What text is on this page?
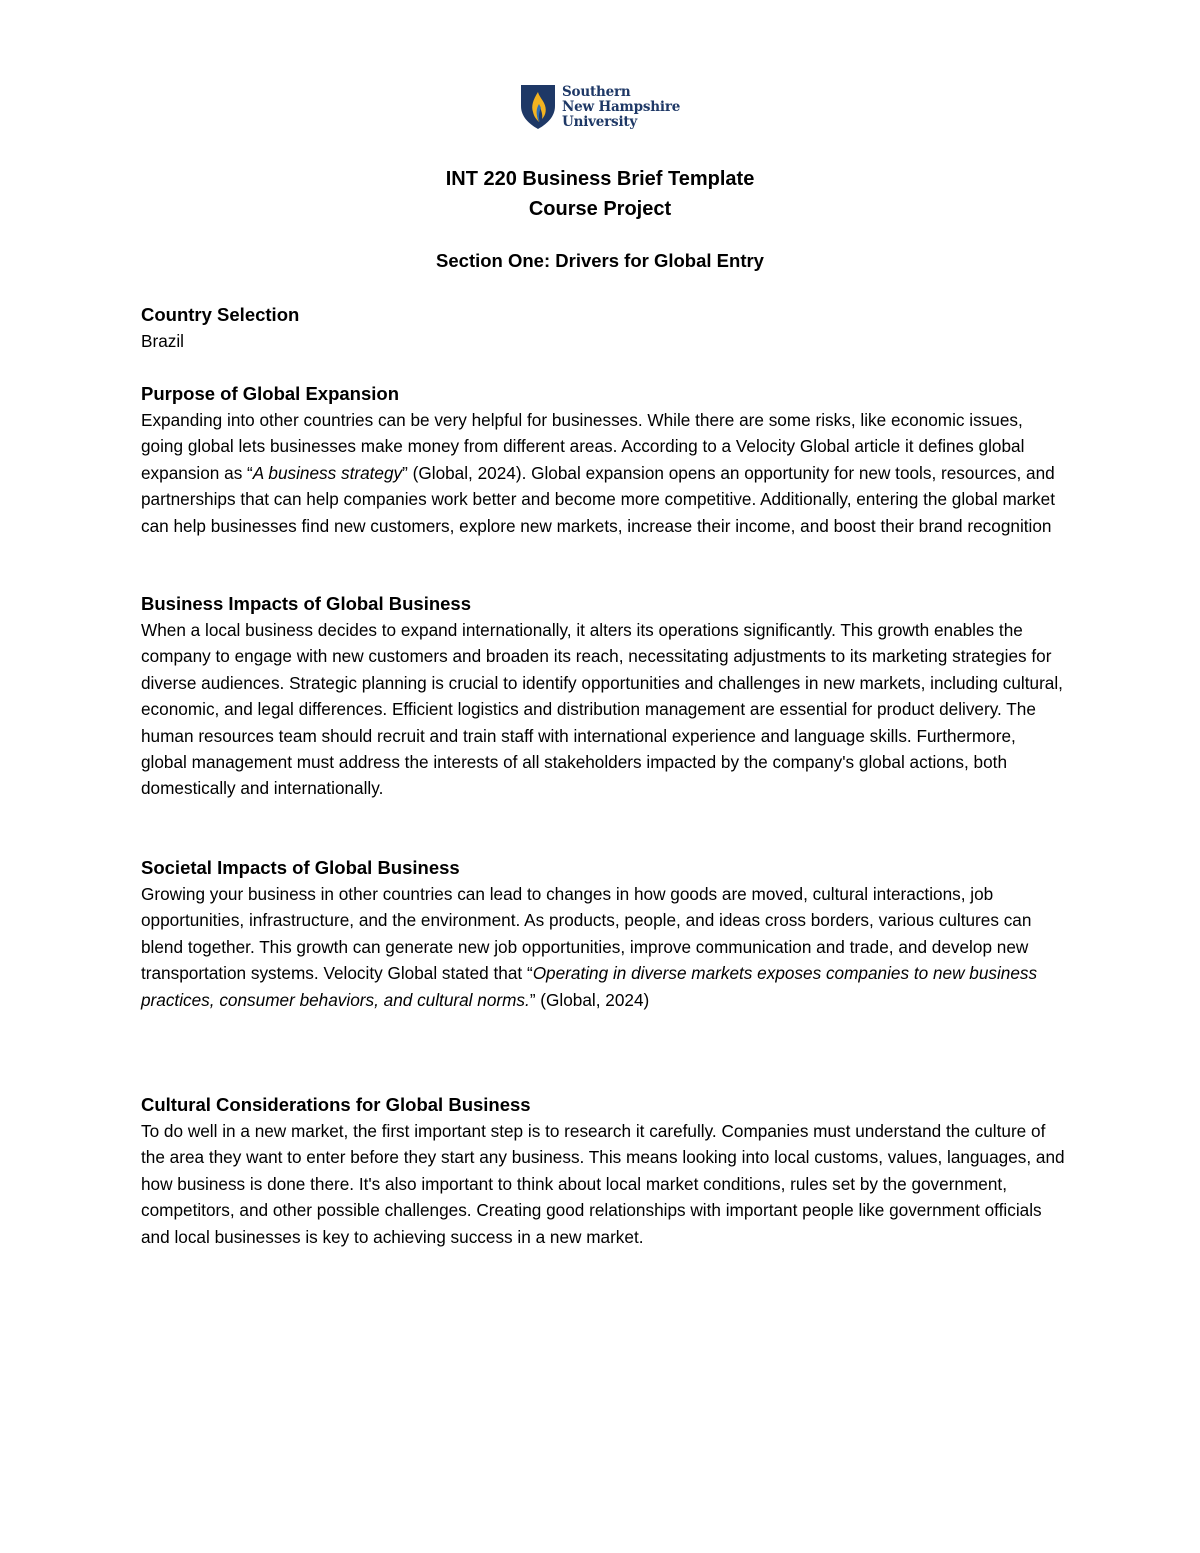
Southern
New Hampshire
University
INT 220 Business Brief Template
Course Project
Section One: Drivers for Global Entry

Country Selection

Brazil

Purpose of Global Expansion

Expanding into other countries can be very helpful for businesses. While there are some risks, like economic issues, going global lets businesses make money from different areas. According to a Velocity Global article it defines global expansion as “A business strategy” (Global, 2024). Global expansion opens an opportunity for new tools, resources, and partnerships that can help companies work better and become more competitive. Additionally, entering the global market can help businesses find new customers, explore new markets, increase their income, and boost their brand recognition

Business Impacts of Global Business

When a local business decides to expand internationally, it alters its operations significantly. This growth enables the company to engage with new customers and broaden its reach, necessitating adjustments to its marketing strategies for diverse audiences. Strategic planning is crucial to identify opportunities and challenges in new markets, including cultural, economic, and legal differences. Efficient logistics and distribution management are essential for product delivery. The human resources team should recruit and train staff with international experience and language skills. Furthermore, global management must address the interests of all stakeholders impacted by the company's global actions, both domestically and internationally.

Societal Impacts of Global Business

Growing your business in other countries can lead to changes in how goods are moved, cultural interactions, job opportunities, infrastructure, and the environment. As products, people, and ideas cross borders, various cultures can blend together. This growth can generate new job opportunities, improve communication and trade, and develop new transportation systems. Velocity Global stated that “Operating in diverse markets exposes companies to new business practices, consumer behaviors, and cultural norms.” (Global, 2024)

Cultural Considerations for Global Business

To do well in a new market, the first important step is to research it carefully. Companies must understand the culture of the area they want to enter before they start any business. This means looking into local customs, values, languages, and how business is done there. It's also important to think about local market conditions, rules set by the government, competitors, and other possible challenges. Creating good relationships with important people like government officials and local businesses is key to achieving success in a new market.
